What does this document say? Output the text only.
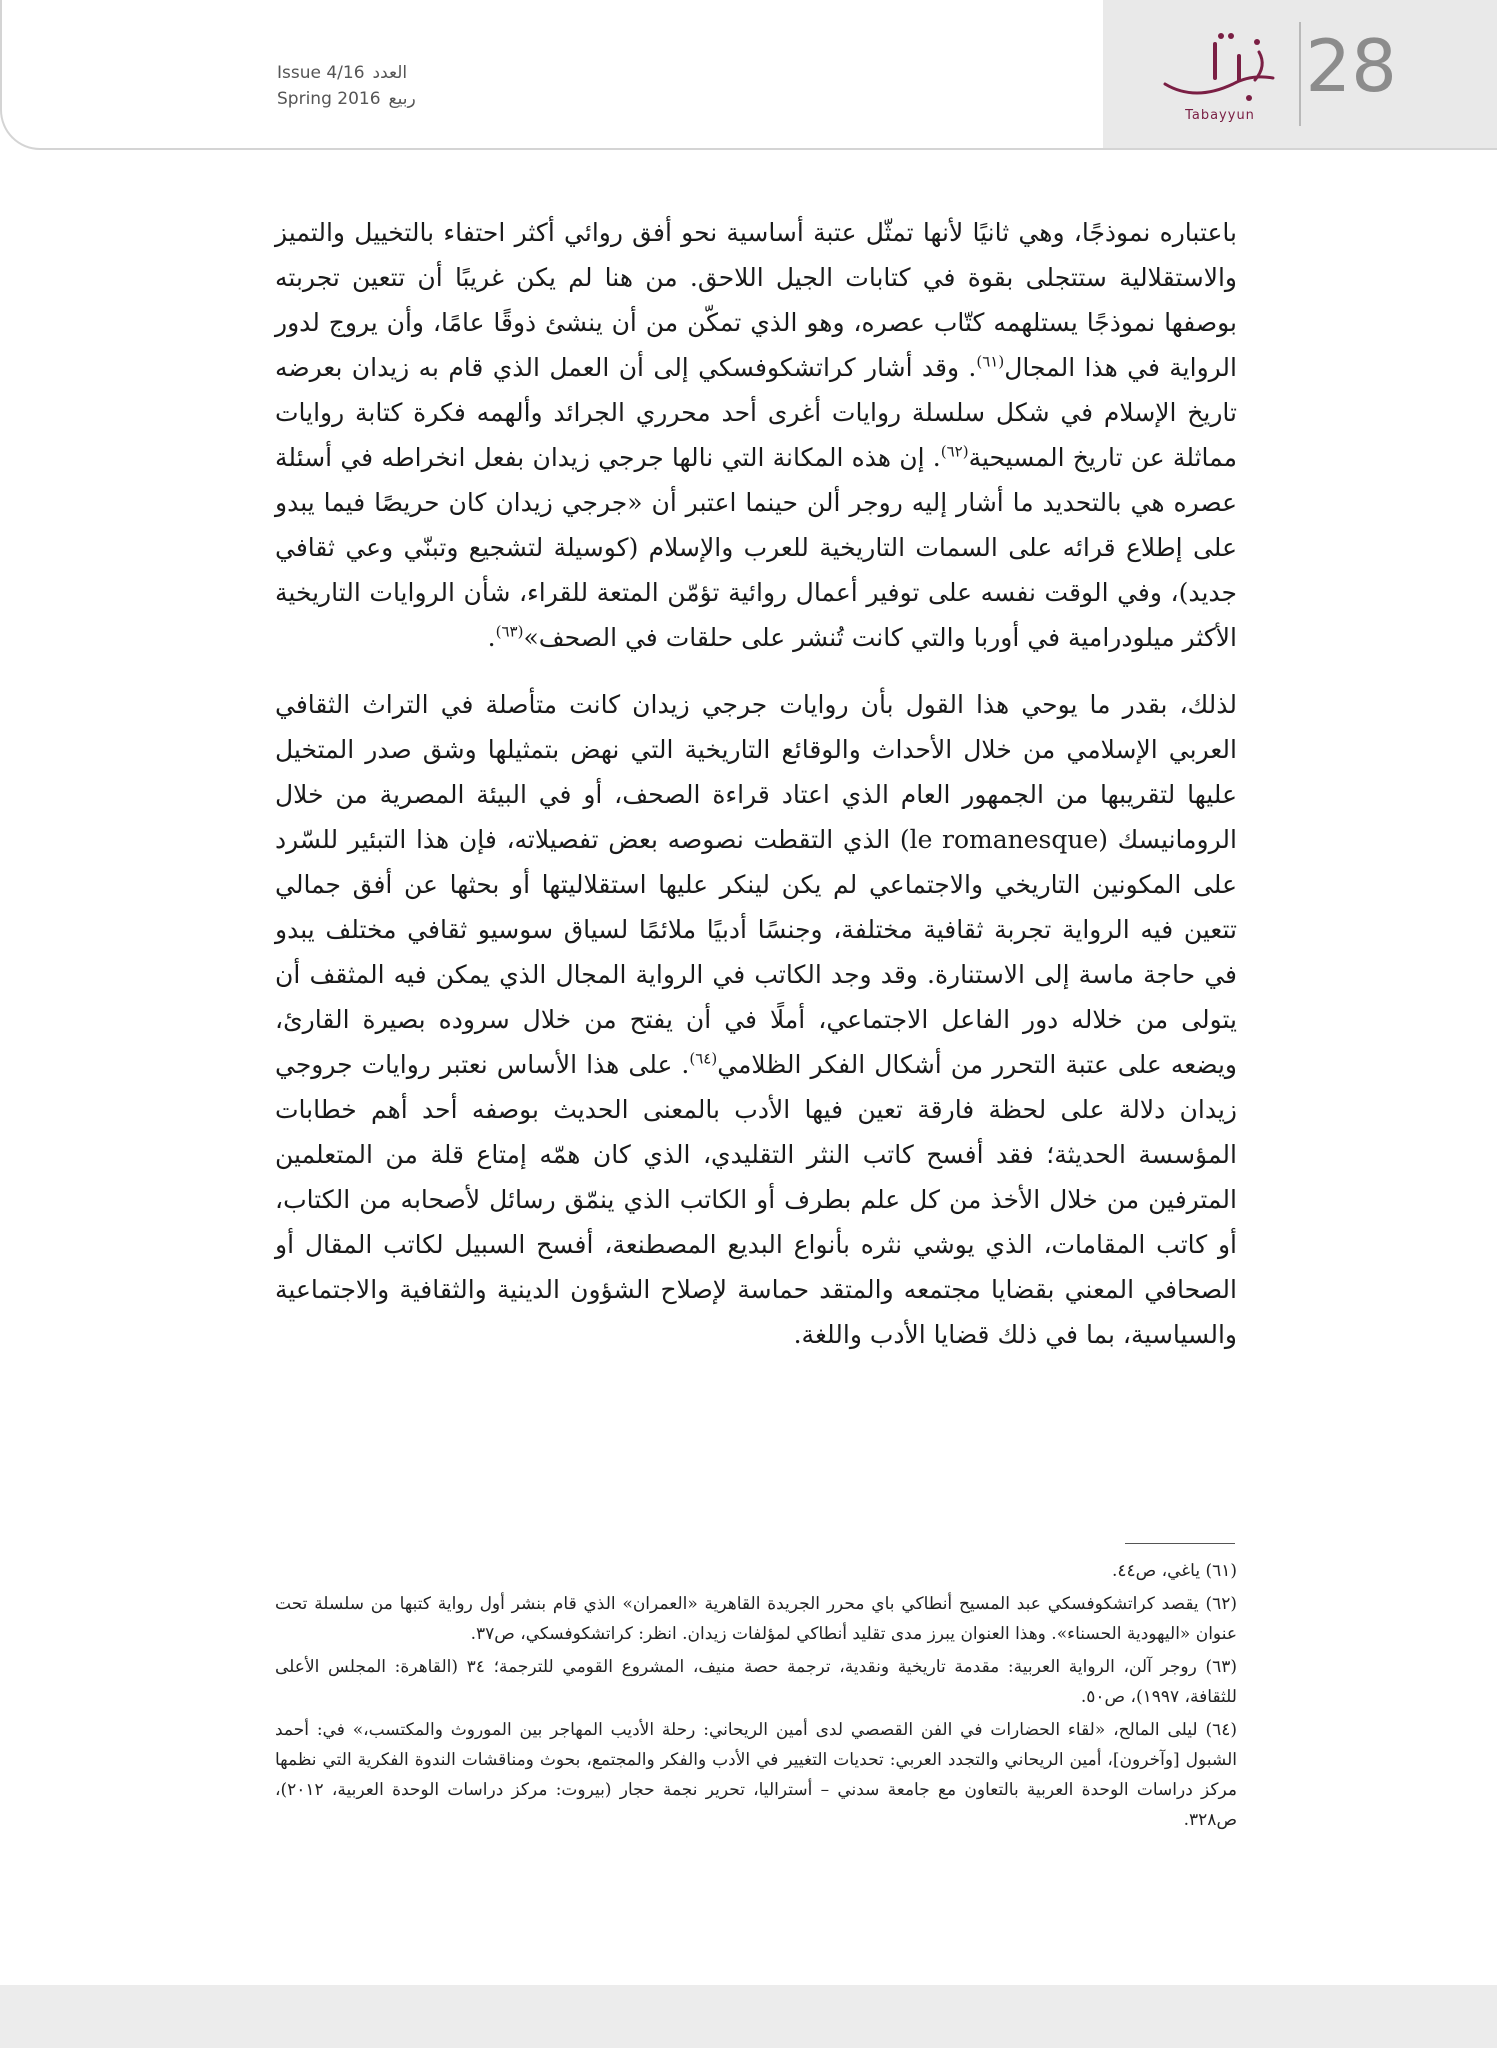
Issue 4/16 العدد
Spring 2016 ربيع
Tabayyun
28

باعتباره نموذجًا، وهي ثانيًا لأنها تمثّل عتبة أساسية نحو أفق روائي أكثر احتفاء بالتخييل والتميز والاستقلالية ستتجلى بقوة في كتابات الجيل اللاحق. من هنا لم يكن غريبًا أن تتعين تجربته بوصفها نموذجًا يستلهمه كتّاب عصره، وهو الذي تمكّن من أن ينشئ ذوقًا عامًا، وأن يروج لدور الرواية في هذا المجال$^{(٦١)}$. وقد أشار كراتشكوفسكي إلى أن العمل الذي قام به زيدان بعرضه تاريخ الإسلام في شكل سلسلة روايات أغرى أحد محرري الجرائد وألهمه فكرة كتابة روايات مماثلة عن تاريخ المسيحية$^{(٦٢)}$. إن هذه المكانة التي نالها جرجي زيدان بفعل انخراطه في أسئلة عصره هي بالتحديد ما أشار إليه روجر ألن حينما اعتبر أن «جرجي زيدان كان حريصًا فيما يبدو على إطلاع قرائه على السمات التاريخية للعرب والإسلام (كوسيلة لتشجيع وتبنّي وعي ثقافي جديد)، وفي الوقت نفسه على توفير أعمال روائية تؤمّن المتعة للقراء، شأن الروايات التاريخية الأكثر ميلودرامية في أوربا والتي كانت تُنشر على حلقات في الصحف»$^{(٦٣)}$.

لذلك، بقدر ما يوحي هذا القول بأن روايات جرجي زيدان كانت متأصلة في التراث الثقافي العربي الإسلامي من خلال الأحداث والوقائع التاريخية التي نهض بتمثيلها وشق صدر المتخيل عليها لتقريبها من الجمهور العام الذي اعتاد قراءة الصحف، أو في البيئة المصرية من خلال الرومانيسك (le romanesque) الذي التقطت نصوصه بعض تفصيلاته، فإن هذا التبئير للسّرد على المكونين التاريخي والاجتماعي لم يكن لينكر عليها استقلاليتها أو بحثها عن أفق جمالي تتعين فيه الرواية تجربة ثقافية مختلفة، وجنسًا أدبيًا ملائمًا لسياق سوسيو ثقافي مختلف يبدو في حاجة ماسة إلى الاستنارة. وقد وجد الكاتب في الرواية المجال الذي يمكن فيه المثقف أن يتولى من خلاله دور الفاعل الاجتماعي، أملًا في أن يفتح من خلال سروده بصيرة القارئ، ويضعه على عتبة التحرر من أشكال الفكر الظلامي$^{(٦٤)}$. على هذا الأساس نعتبر روايات جروجي زيدان دلالة على لحظة فارقة تعين فيها الأدب بالمعنى الحديث بوصفه أحد أهم خطابات المؤسسة الحديثة؛ فقد أفسح كاتب النثر التقليدي، الذي كان همّه إمتاع قلة من المتعلمين المترفين من خلال الأخذ من كل علم بطرف أو الكاتب الذي ينمّق رسائل لأصحابه من الكتاب، أو كاتب المقامات، الذي يوشي نثره بأنواع البديع المصطنعة، أفسح السبيل لكاتب المقال أو الصحافي المعني بقضايا مجتمعه والمتقد حماسة لإصلاح الشؤون الدينية والثقافية والاجتماعية والسياسية، بما في ذلك قضايا الأدب واللغة.

(٦١) ياغي، ص٤٤.

(٦٢) يقصد كراتشكوفسكي عبد المسيح أنطاكي باي محرر الجريدة القاهرية «العمران» الذي قام بنشر أول رواية كتبها من سلسلة تحت عنوان «اليهودية الحسناء». وهذا العنوان يبرز مدى تقليد أنطاكي لمؤلفات زيدان. انظر: كراتشكوفسكي، ص٣٧.

(٦٣) روجر آلن، الرواية العربية: مقدمة تاريخية ونقدية، ترجمة حصة منيف، المشروع القومي للترجمة؛ ٣٤ (القاهرة: المجلس الأعلى للثقافة، ١٩٩٧)، ص٥٠.

(٦٤) ليلى المالح، «لقاء الحضارات في الفن القصصي لدى أمين الريحاني: رحلة الأديب المهاجر بين الموروث والمكتسب،» في: أحمد الشبول [وآخرون]، أمين الريحاني والتجدد العربي: تحديات التغيير في الأدب والفكر والمجتمع، بحوث ومناقشات الندوة الفكرية التي نظمها مركز دراسات الوحدة العربية بالتعاون مع جامعة سدني – أستراليا، تحرير نجمة حجار (بيروت: مركز دراسات الوحدة العربية، ٢٠١٢)، ص٣٢٨.
